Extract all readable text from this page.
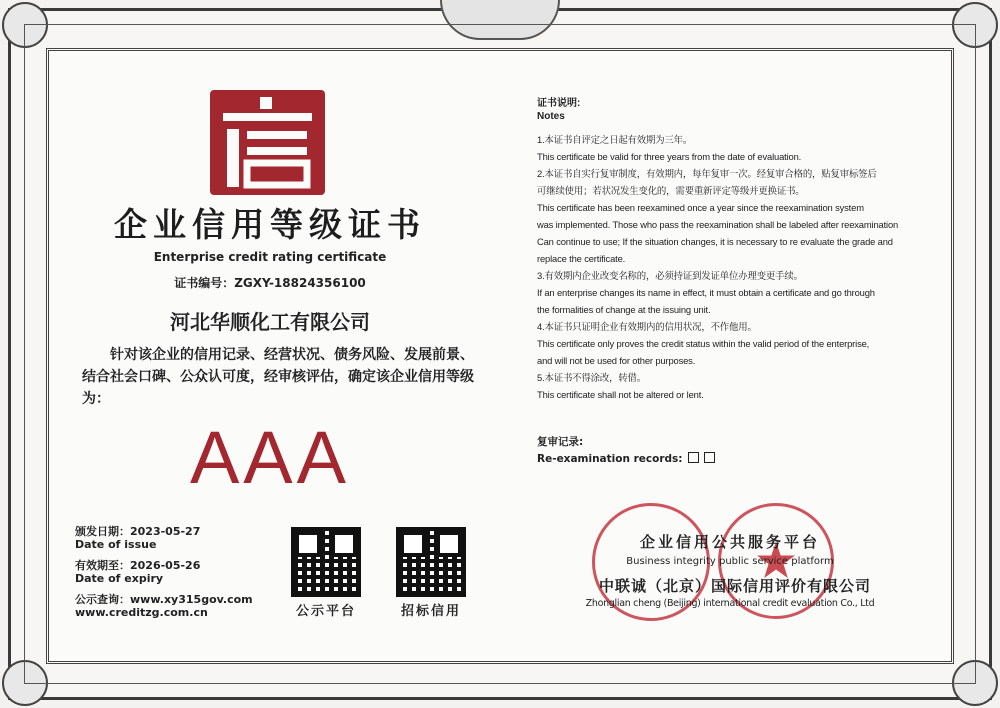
企业信用等级证书
Enterprise credit rating certificate
证书编号：ZGXY-18824356100
河北华顺化工有限公司
针对该企业的信用记录、经营状况、债务风险、发展前景、结合社会口碑、公众认可度，经审核评估，确定该企业信用等级为：
AAA
颁发日期：2023-05-27
Date of issue
有效期至：2026-05-26
Date of expiry
公示查询：www.xy315gov.com
www.creditzg.com.cn	公示平台	招标信用
证书说明:
Notes
1.本证书自评定之日起有效期为三年。
This certificate be valid for three years from the date of evaluation.
2.本证书自实行复审制度，有效期内，每年复审一次。经复审合格的，贴复审标签后
可继续使用；若状况发生变化的，需要重新评定等级并更换证书。
This certificate has been reexamined once a year since the reexamination system
was implemented. Those who pass the reexamination shall be labeled after reexamination
Can continue to use; If the situation changes, it is necessary to re evaluate the grade and
replace the certificate.
3.有效期内企业改变名称的，必须持证到发证单位办理变更手续。
If an enterprise changes its name in effect, it must obtain a certificate and go through
the formalities of change at the issuing unit.
4.本证书只证明企业有效期内的信用状况，不作他用。
This certificate only proves the credit status within the valid period of the enterprise,
and will not be used for other purposes.
5.本证书不得涂改，转借。
This certificate shall not be altered or lent.
复审记录:
Re-examination records:
企业信用公共服务平台
Business integrity public service platform
中联诚（北京）国际信用评价有限公司
Zhonglian cheng (Beijing) international credit evaluation Co., Ltd
